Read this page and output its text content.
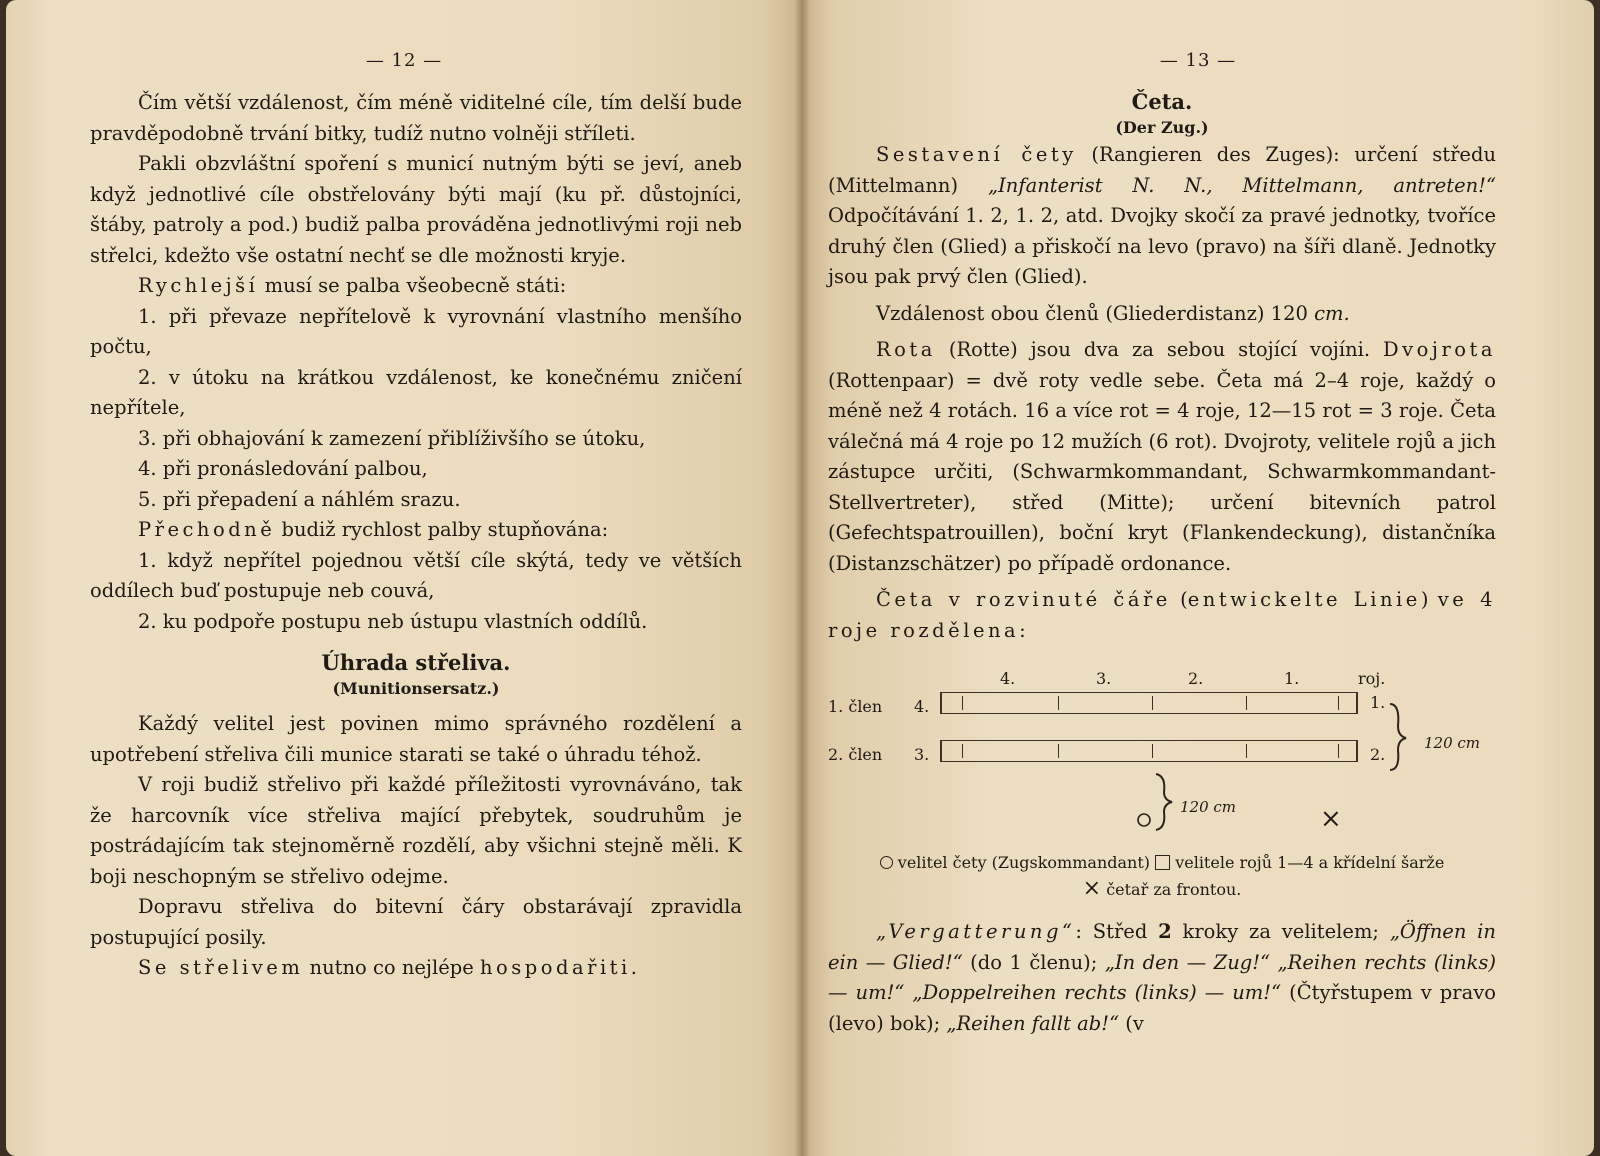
— 12 —

Čím větší vzdálenost, čím méně viditelné cíle, tím delší bude pravděpodobně trvání bitky, tudíž nutno volněji stříleti.

Pakli obzvláštní spoření s municí nutným býti se jeví, aneb když jednotlivé cíle obstřelovány býti mají (ku př. důstojníci, štáby, patroly a pod.) budiž palba prováděna jednotlivými roji neb střelci, kdežto vše ostatní nechť se dle možnosti kryje.

Rychlejší musí se palba všeobecně státi:

1. při převaze nepřítelově k vyrovnání vlastního menšího počtu,

2. v útoku na krátkou vzdálenost, ke konečnému zničení nepřítele,

3. při obhajování k zamezení přiblíživšího se útoku,

4. při pronásledování palbou,

5. při přepadení a náhlém srazu.

Přechodně budiž rychlost palby stupňována:

1. když nepřítel pojednou větší cíle skýtá, tedy ve větších oddílech buď postupuje neb couvá,

2. ku podpoře postupu neb ústupu vlastních oddílů.

Úhrada střeliva.

(Munitionsersatz.)

Každý velitel jest povinen mimo správného rozdělení a upotřebení střeliva čili munice starati se také o úhradu téhož.

V roji budiž střelivo při každé příležitosti vyrovnáváno, tak že harcovník více střeliva mající přebytek, soudruhům je postrádajícím tak stejnoměrně rozdělí, aby všichni stejně měli. K boji neschopným se střelivo odejme.

Dopravu střeliva do bitevní čáry obstarávají zpravidla postupující posily.

Se střelivem nutno co nejlépe hospodařiti.

— 13 —

Četa.

(Der Zug.)

Sestavení čety (Rangieren des Zuges): určení středu (Mittelmann) „Infanterist N. N., Mittelmann, antreten!“ Odpočítávání 1. 2, 1. 2, atd. Dvojky skočí za pravé jednotky, tvoříce druhý člen (Glied) a přiskočí na levo (pravo) na šíři dlaně. Jednotky jsou pak prvý člen (Glied).

Vzdálenost obou členů (Gliederdistanz) 120 cm.

Rota (Rotte) jsou dva za sebou stojící vojíni. Dvojrota (Rottenpaar) = dvě roty vedle sebe. Četa má 2–4 roje, každý o méně než 4 rotách. 16 a více rot = 4 roje, 12—15 rot = 3 roje. Četa válečná má 4 roje po 12 mužích (6 rot). Dvojroty, velitele rojů a jich zástupce určiti, (Schwarmkommandant, Schwarmkommandant-Stellvertreter), střed (Mitte); určení bitevních patrol (Gefechtspatrouillen), boční kryt (Flankendeckung), distančníka (Distanzschätzer) po případě ordonance.

Četa v rozvinuté čáře (entwickelte Linie) ve 4 roje rozdělena:

4.	3.	2.	1.	roj.
1. člen 4.	1.
2. člen 3.	2.
120 cm
120 cm	×
velitel čety (Zugskommandant) velitele rojů 1—4 a křídelní šarže
× četař za frontou.

„Vergatterung“: Střed 2 kroky za velitelem; „Öffnen in ein — Glied!“ (do 1 členu); „In den — Zug!“ „Reihen rechts (links) — um!“ „Doppelreihen rechts (links) — um!“ (Čtyřstupem v pravo (levo) bok); „Reihen fallt ab!“ (v
